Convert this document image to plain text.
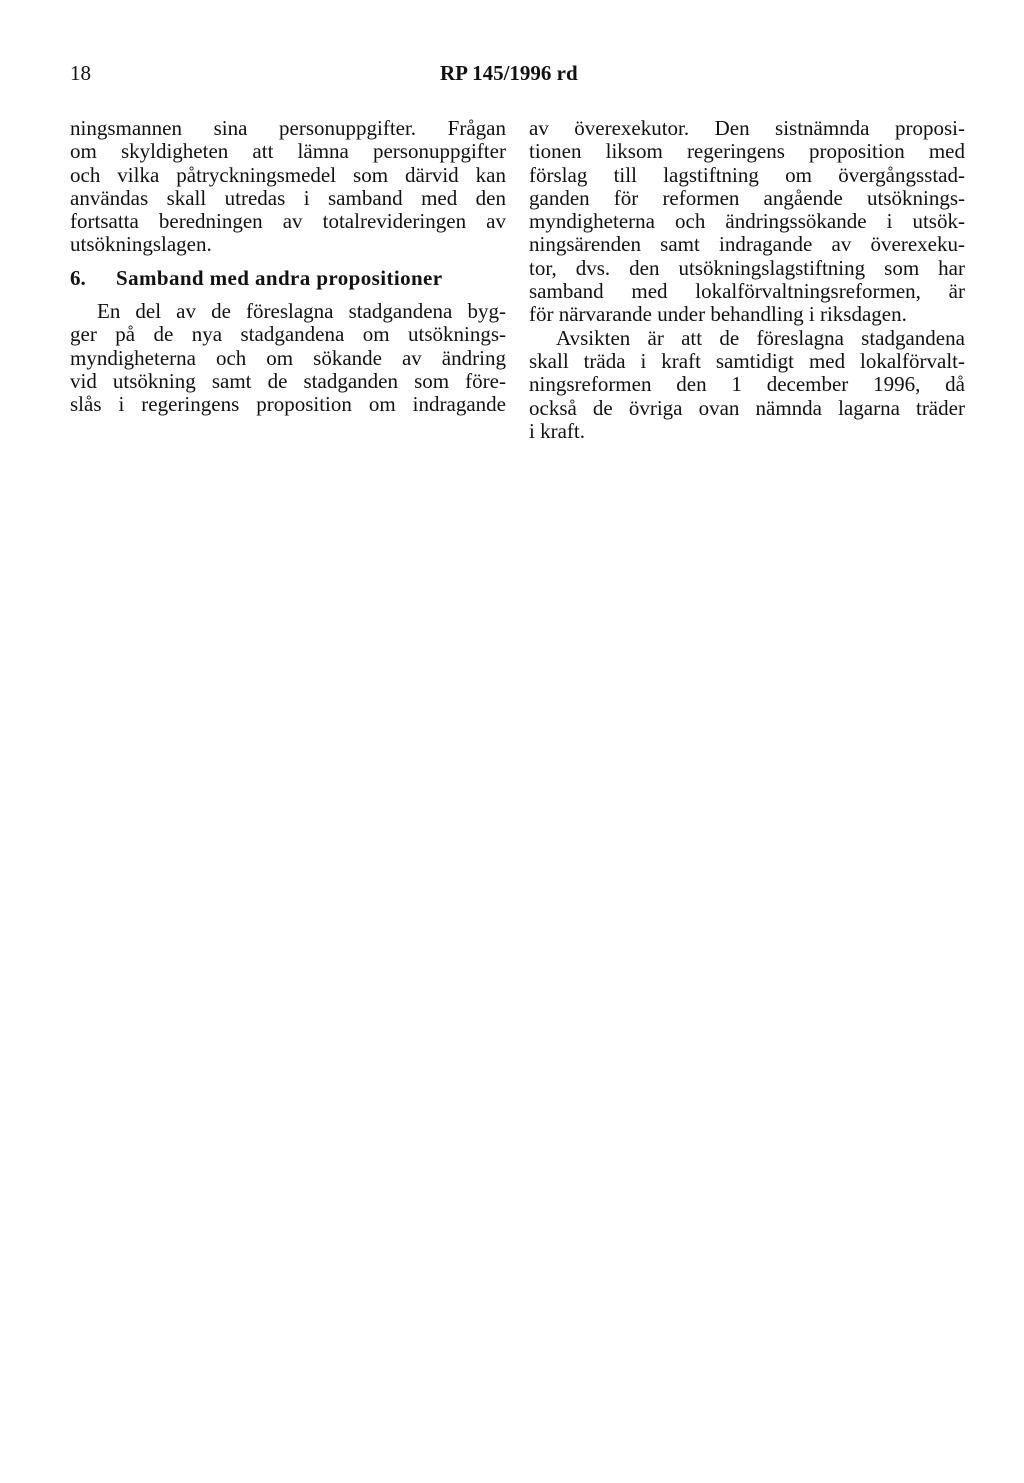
18	RP 145/1996 rd
ningsmannen sina personuppgifter. Frågan
om skyldigheten att lämna personuppgifter
och vilka påtryckningsmedel som därvid kan
användas skall utredas i samband med den
fortsatta beredningen av totalrevideringen av
utsökningslagen.
6.	Samband med andra propositioner
En del av de föreslagna stadgandena byg-
ger på de nya stadgandena om utsöknings-
myndigheterna och om sökande av ändring
vid utsökning samt de stadganden som före-
slås i regeringens proposition om indragande
av överexekutor. Den sistnämnda proposi-
tionen liksom regeringens proposition med
förslag till lagstiftning om övergångsstad-
ganden för reformen angående utsöknings-
myndigheterna och ändringssökande i utsök-
ningsärenden samt indragande av överexeku-
tor, dvs. den utsökningslagstiftning som har
samband med lokalförvaltningsreformen, är
för närvarande under behandling i riksdagen.
Avsikten är att de föreslagna stadgandena
skall träda i kraft samtidigt med lokalförvalt-
ningsreformen den 1 december 1996, då
också de övriga ovan nämnda lagarna träder
i kraft.
